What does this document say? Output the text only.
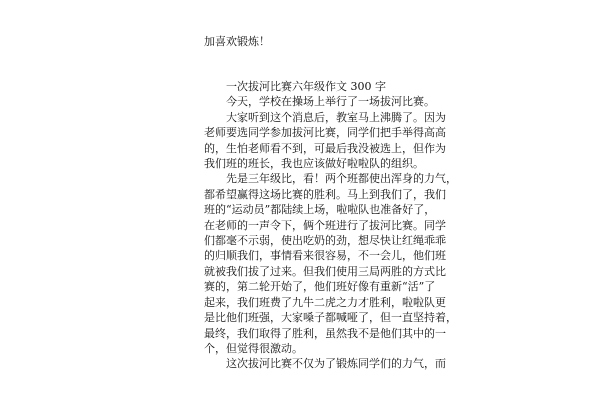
加喜欢锻炼！
一次拔河比赛六年级作文 300 字

今天，学校在操场上举行了一场拔河比赛。

大家听到这个消息后，教室马上沸腾了。因为
老师要选同学参加拔河比赛，同学们把手举得高高
的，生怕老师看不到，可最后我没被选上，但作为
我们班的班长，我也应该做好啦啦队的组织。

先是三年级比，看！两个班都使出浑身的力气，
都希望赢得这场比赛的胜利。马上到我们了，我们
班的“运动员”都陆续上场，啦啦队也准备好了，
在老师的一声令下，俩个班进行了拔河比赛。同学
们都毫不示弱，使出吃奶的劲，想尽快让红绳乖乖
的归顺我们，事情看来很容易，不一会儿，他们班
就被我们拔了过来。但我们使用三局两胜的方式比
赛的，第二轮开始了，他们班好像有重新“活”了
起来，我们班费了九牛二虎之力才胜利，啦啦队更
是比他们班强，大家嗓子都喊哑了，但一直坚持着，
最终，我们取得了胜利，虽然我不是他们其中的一
个，但觉得很激动。

这次拔河比赛不仅为了锻炼同学们的力气，而
